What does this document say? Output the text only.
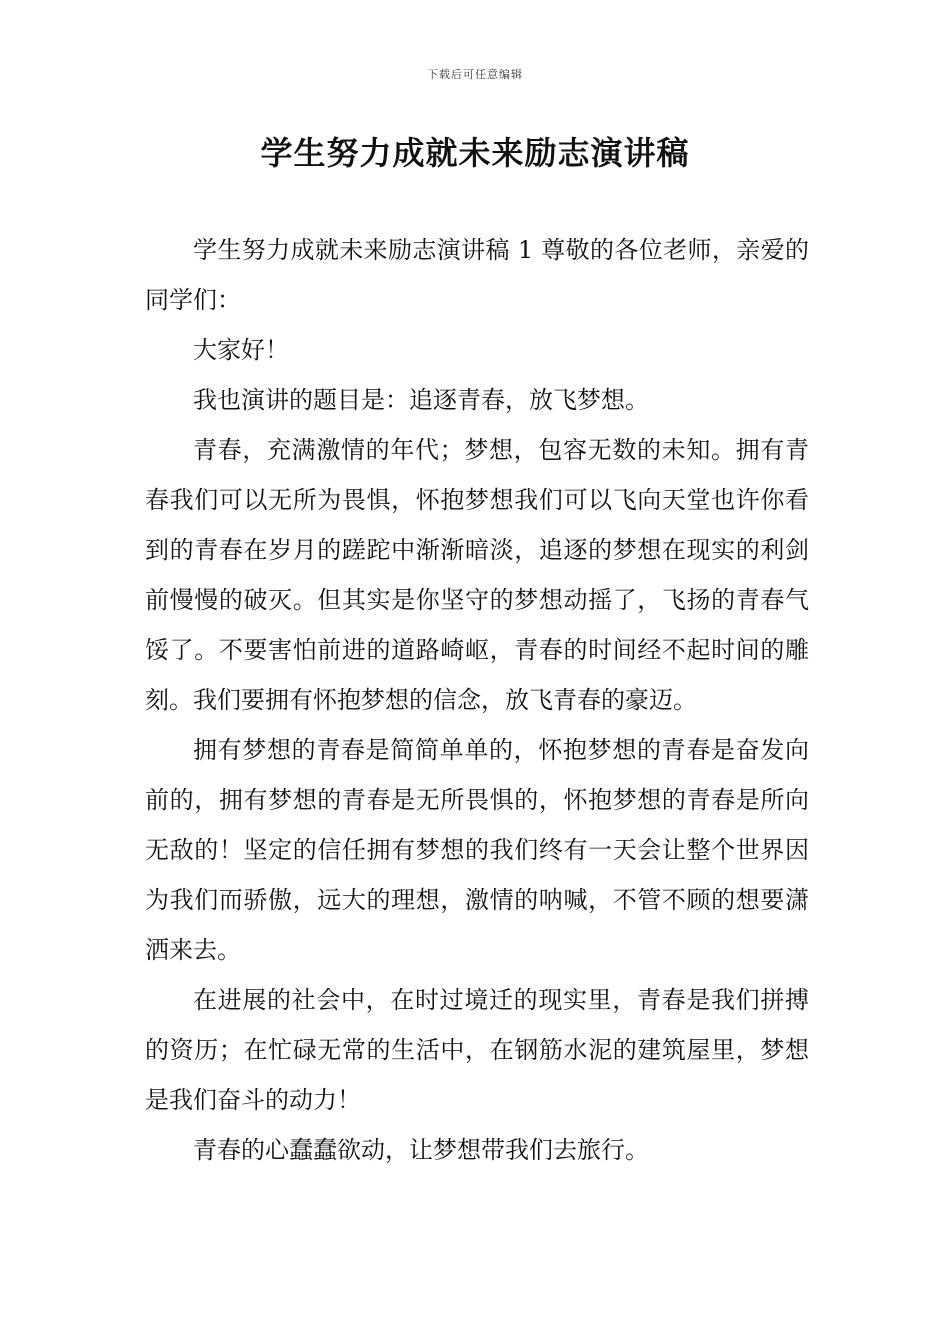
下载后可任意编辑
学生努力成就未来励志演讲稿

学生努力成就未来励志演讲稿 1 尊敬的各位老师，亲爱的同学们：

大家好！

我也演讲的题目是：追逐青春，放飞梦想。

青春，充满激情的年代；梦想，包容无数的未知。拥有青春我们可以无所为畏惧，怀抱梦想我们可以飞向天堂也许你看到的青春在岁月的蹉跎中渐渐暗淡，追逐的梦想在现实的利剑前慢慢的破灭。但其实是你坚守的梦想动摇了，飞扬的青春气馁了。不要害怕前进的道路崎岖，青春的时间经不起时间的雕刻。我们要拥有怀抱梦想的信念，放飞青春的豪迈。

拥有梦想的青春是简简单单的，怀抱梦想的青春是奋发向前的，拥有梦想的青春是无所畏惧的，怀抱梦想的青春是所向无敌的！坚定的信任拥有梦想的我们终有一天会让整个世界因为我们而骄傲，远大的理想，激情的呐喊，不管不顾的想要潇洒来去。

在进展的社会中，在时过境迁的现实里，青春是我们拼搏的资历；在忙碌无常的生活中，在钢筋水泥的建筑屋里，梦想是我们奋斗的动力！

青春的心蠢蠢欲动，让梦想带我们去旅行。
